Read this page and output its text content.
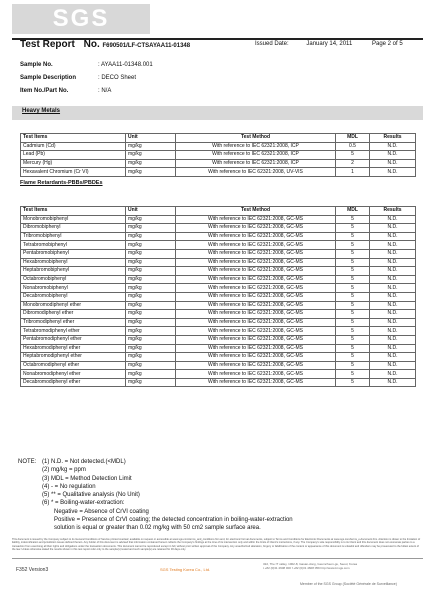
SGS
Test Report No. F690501/LF-CTSAYAA11-01348	Issued Date:	January 14, 2011	Page 2 of 5
Sample No.	: AYAA11-01348.001
Sample Description	: DECO Sheet
Item No./Part No.	: N/A
Heavy Metals
Test Items	Unit	Test Method	MDL	Results
Cadmium (Cd)	mg/kg	With reference to IEC 62321:2008, ICP	0.5	N.D.
Lead (Pb)	mg/kg	With reference to IEC 62321:2008, ICP	5	N.D.
Mercury (Hg)	mg/kg	With reference to IEC 62321:2008, ICP	2	N.D.
Hexavalent Chromium (Cr VI)	mg/kg	With reference to IEC 62321:2008, UV-VIS	1	N.D.
Flame Retardants-PBBs/PBDEs
Test Items	Unit	Test Method	MDL	Results
Monobromobiphenyl	mg/kg	With reference to IEC 62321:2008, GC-MS	5	N.D.
Dibromobiphenyl	mg/kg	With reference to IEC 62321:2008, GC-MS	5	N.D.
Tribromobiphenyl	mg/kg	With reference to IEC 62321:2008, GC-MS	5	N.D.
Tetrabromobiphenyl	mg/kg	With reference to IEC 62321:2008, GC-MS	5	N.D.
Pentabromobiphenyl	mg/kg	With reference to IEC 62321:2008, GC-MS	5	N.D.
Hexabromobiphenyl	mg/kg	With reference to IEC 62321:2008, GC-MS	5	N.D.
Heptabromobiphenyl	mg/kg	With reference to IEC 62321:2008, GC-MS	5	N.D.
Octabromobiphenyl	mg/kg	With reference to IEC 62321:2008, GC-MS	5	N.D.
Nonabromobiphenyl	mg/kg	With reference to IEC 62321:2008, GC-MS	5	N.D.
Decabromobiphenyl	mg/kg	With reference to IEC 62321:2008, GC-MS	5	N.D.
Monobromodiphenyl ether	mg/kg	With reference to IEC 62321:2008, GC-MS	5	N.D.
Dibromodiphenyl ether	mg/kg	With reference to IEC 62321:2008, GC-MS	5	N.D.
Tribromodiphenyl ether	mg/kg	With reference to IEC 62321:2008, GC-MS	5	N.D.
Tetrabromodiphenyl ether	mg/kg	With reference to IEC 62321:2008, GC-MS	5	N.D.
Pentabromodiphenyl ether	mg/kg	With reference to IEC 62321:2008, GC-MS	5	N.D.
Hexabromodiphenyl ether	mg/kg	With reference to IEC 62321:2008, GC-MS	5	N.D.
Heptabromodiphenyl ether	mg/kg	With reference to IEC 62321:2008, GC-MS	5	N.D.
Octabromodiphenyl ether	mg/kg	With reference to IEC 62321:2008, GC-MS	5	N.D.
Nonabromodiphenyl ether	mg/kg	With reference to IEC 62321:2008, GC-MS	5	N.D.
Decabromodiphenyl ether	mg/kg	With reference to IEC 62321:2008, GC-MS	5	N.D.
NOTE: (1) N.D. = Not detected.(<MDL)
(2) mg/kg = ppm
(3) MDL = Method Detection Limit
(4) - = No regulation
(5) ** = Qualitative analysis (No Unit)
(6) * = Boiling-water-extraction:
Negative = Absence of CrVI coating
Positive = Presence of CrVI coating; the detected concentration in boiling-water-extraction
solution is equal or greater than 0.02 mg/kg with 50 cm2 sample surface area.
This document is issued by the Company subject to its General Conditions of Service printed overleaf, available on request or accessible at www.sgs.com/terms_and_conditions.htm and, for electronic format documents, subject to Terms and Conditions for Electronic Documents at www.sgs.com/terms_e-document.htm. Attention is drawn to the limitation of liability, indemnification and jurisdiction issues defined therein. Any holder of this document is advised that information contained hereon reflects the Company's findings at the time of its intervention only and within the limits of Client's instructions, if any. The Company's sole responsibility is to its Client and this document does not exonerate parties to a transaction from exercising all their rights and obligations under the transaction documents. This document cannot be reproduced except in full, without prior written approval of the Company. Any unauthorized alteration, forgery or falsification of the content or appearance of this document is unlawful and offenders may be prosecuted to the fullest extent of the law. Unless otherwise stated the results shown in this test report refer only to the sample(s) tested and such sample(s) are retained for 30 days only.
F352 Version3	SGS Testing Korea Co., Ltd.
322, The IT valley, 1002-8, Gasan-dong, Geumcheon-gu, Seoul, Korea
t +82 (0)31 4608 000 f +82 (0)31 4608 059 http://www.kr.sgs.com
Member of the SGS Group (Société Générale de Surveillance)
